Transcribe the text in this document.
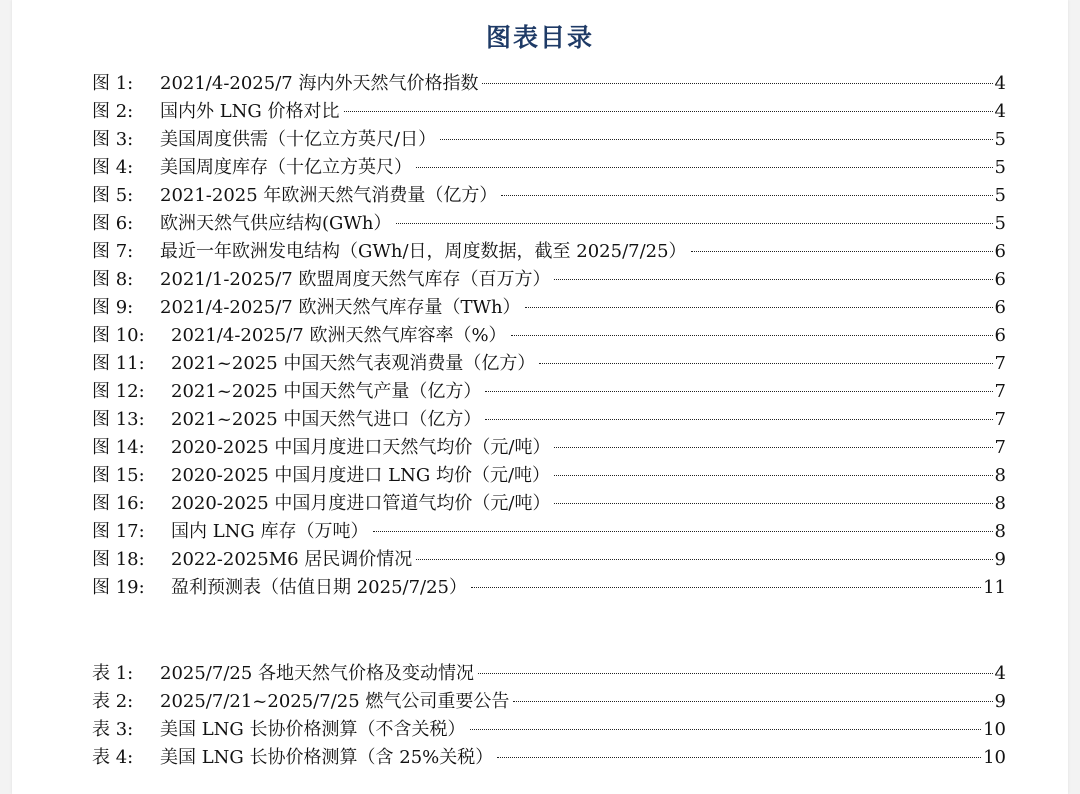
图表目录
图 1:	2021/4-2025/7 海内外天然气价格指数	4
图 2:	国内外 LNG 价格对比	4
图 3:	美国周度供需（十亿立方英尺/日）	5
图 4:	美国周度库存（十亿立方英尺）	5
图 5:	2021-2025 年欧洲天然气消费量（亿方）	5
图 6:	欧洲天然气供应结构(GWh）	5
图 7:	最近一年欧洲发电结构（GWh/日，周度数据，截至 2025/7/25）	6
图 8:	2021/1-2025/7 欧盟周度天然气库存（百万方）	6
图 9:	2021/4-2025/7 欧洲天然气库存量（TWh）	6
图 10:	2021/4-2025/7 欧洲天然气库容率（%）	6
图 11:	2021~2025 中国天然气表观消费量（亿方）	7
图 12:	2021~2025 中国天然气产量（亿方）	7
图 13:	2021~2025 中国天然气进口（亿方）	7
图 14:	2020-2025 中国月度进口天然气均价（元/吨）	7
图 15:	2020-2025 中国月度进口 LNG 均价（元/吨）	8
图 16:	2020-2025 中国月度进口管道气均价（元/吨）	8
图 17:	国内 LNG 库存（万吨）	8
图 18:	2022-2025M6 居民调价情况	9
图 19:	盈利预测表（估值日期 2025/7/25）	11
表 1:	2025/7/25 各地天然气价格及变动情况	4
表 2:	2025/7/21~2025/7/25 燃气公司重要公告	9
表 3:	美国 LNG 长协价格测算（不含关税）	10
表 4:	美国 LNG 长协价格测算（含 25%关税）	10
